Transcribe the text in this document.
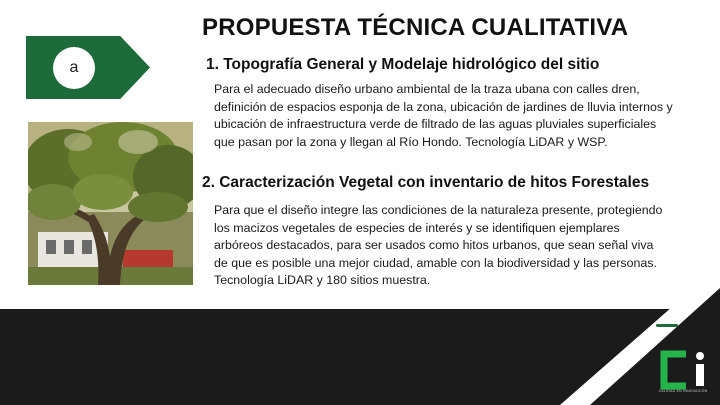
PROPUESTA TÉCNICA CUALITATIVA
a	1. Topografía General y Modelaje hidrológico del sitio
Para el adecuado diseño urbano ambiental de la traza ubana con calles dren, definición de espacios esponja de la zona, ubicación de jardines de lluvia internos y ubicación de infraestructura verde de filtrado de las aguas pluviales superficiales que pasan por la zona y llegan al Río Hondo. Tecnología LiDAR y WSP.
2. Caracterización Vegetal con inventario de hitos Forestales
Para que el diseño integre las condiciones de la naturaleza presente, protegiendo los macizos vegetales de especies de interés y se identifiquen ejemplares arbóreos destacados, para ser usados como hitos urbanos, que sean señal viva de que es posible una mejor ciudad, amable con la biodiversidad y las personas. Tecnología LiDAR y 180 sitios muestra.
CALIDAD EN INNOVACIÓN
